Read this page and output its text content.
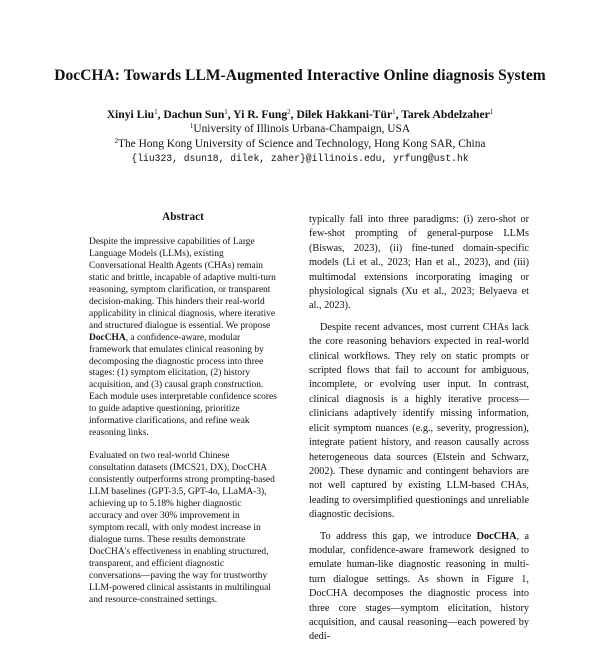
DocCHA: Towards LLM-Augmented Interactive Online diagnosis System
Xinyi Liu$^1$, Dachun Sun$^1$, Yi R. Fung$^2$, Dilek Hakkani-Tür$^1$, Tarek Abdelzaher$^1$
$^1$University of Illinois Urbana-Champaign, USA
$^2$The Hong Kong University of Science and Technology, Hong Kong SAR, China
{liu323, dsun18, dilek, zaher}@illinois.edu, yrfung@ust.hk
Abstract

Despite the impressive capabilities of Large Language Models (LLMs), existing Conversational Health Agents (CHAs) remain static and brittle, incapable of adaptive multi-turn reasoning, symptom clarification, or transparent decision-making. This hinders their real-world applicability in clinical diagnosis, where iterative and structured dialogue is essential. We propose DocCHA, a confidence-aware, modular framework that emulates clinical reasoning by decomposing the diagnostic process into three stages: (1) symptom elicitation, (2) history acquisition, and (3) causal graph construction. Each module uses interpretable confidence scores to guide adaptive questioning, prioritize informative clarifications, and refine weak reasoning links.

Evaluated on two real-world Chinese consultation datasets (IMCS21, DX), DocCHA consistently outperforms strong prompting-based LLM baselines (GPT-3.5, GPT-4o, LLaMA-3), achieving up to 5.18% higher diagnostic accuracy and over 30% improvement in symptom recall, with only modest increase in dialogue turns. These results demonstrate DocCHA's effectiveness in enabling structured, transparent, and efficient diagnostic conversations—paving the way for trustworthy LLM-powered clinical assistants in multilingual and resource-constrained settings.

typically fall into three paradigms: (i) zero-shot or few-shot prompting of general-purpose LLMs (Biswas, 2023), (ii) fine-tuned domain-specific models (Li et al., 2023; Han et al., 2023), and (iii) multimodal extensions incorporating imaging or physiological signals (Xu et al., 2023; Belyaeva et al., 2023).

Despite recent advances, most current CHAs lack the core reasoning behaviors expected in real-world clinical workflows. They rely on static prompts or scripted flows that fail to account for ambiguous, incomplete, or evolving user input. In contrast, clinical diagnosis is a highly iterative process—clinicians adaptively identify missing information, elicit symptom nuances (e.g., severity, progression), integrate patient history, and reason causally across heterogeneous data sources (Elstein and Schwarz, 2002). These dynamic and contingent behaviors are not well captured by existing LLM-based CHAs, leading to oversimplified questionings and unreliable diagnostic decisions.

To address this gap, we introduce DocCHA, a modular, confidence-aware framework designed to emulate human-like diagnostic reasoning in multi-turn dialogue settings. As shown in Figure 1, DocCHA decomposes the diagnostic process into three core stages—symptom elicitation, history acquisition, and causal reasoning—each powered by dedi-
